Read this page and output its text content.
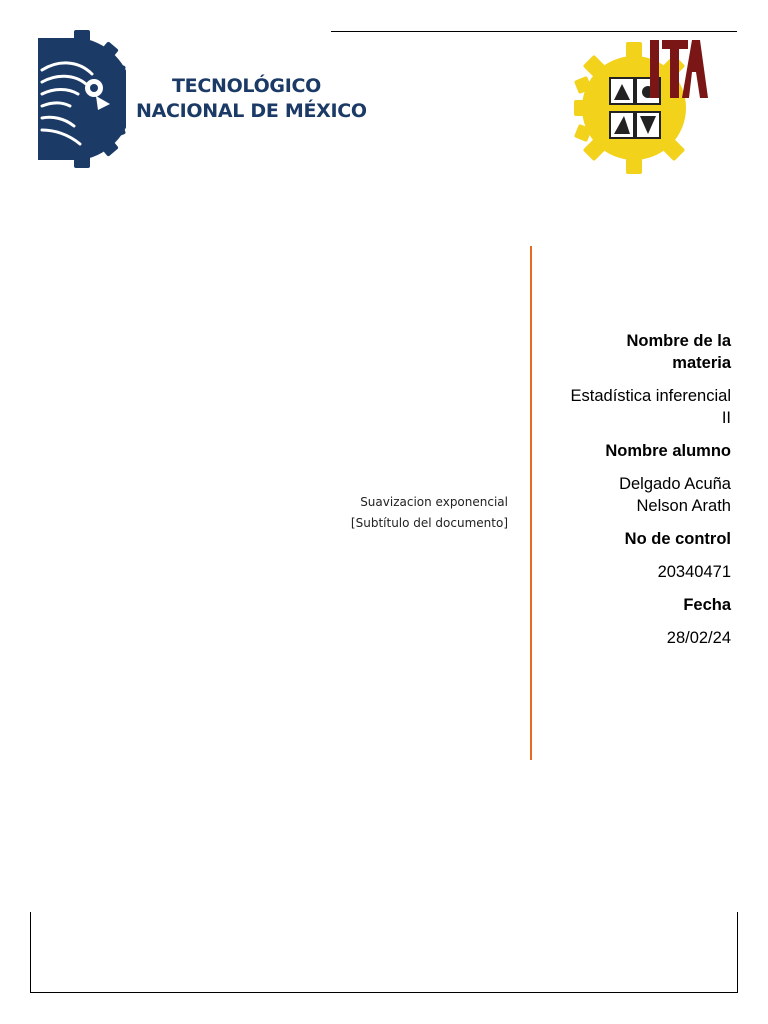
TECNOLÓGICO
NACIONAL DE MÉXICO
Suavizacion exponencial
[Subtítulo del documento]
Nombre de la
materia
Estadística inferencial
II
Nombre alumno
Delgado Acuña
Nelson Arath
No de control
20340471
Fecha
28/02/24
